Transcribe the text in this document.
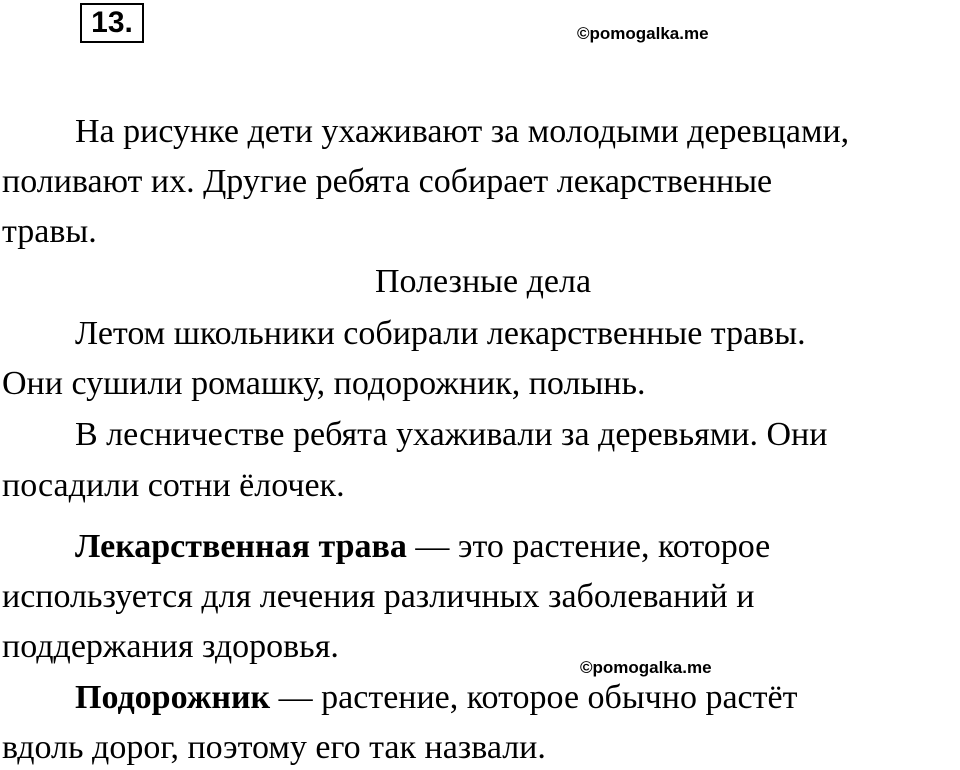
13.	©pomogalka.me
На рисунке дети ухаживают за молодыми деревцами,
поливают их. Другие ребята собирает лекарственные
травы.
Полезные дела
Летом школьники собирали лекарственные травы.
Они сушили ромашку, подорожник, полынь.
В лесничестве ребята ухаживали за деревьями. Они
посадили сотни ёлочек.
Лекарственная трава — это растение, которое
используется для лечения различных заболеваний и
поддержания здоровья.
©pomogalka.me
Подорожник — растение, которое обычно растёт
вдоль дорог, поэтому его так назвали.
